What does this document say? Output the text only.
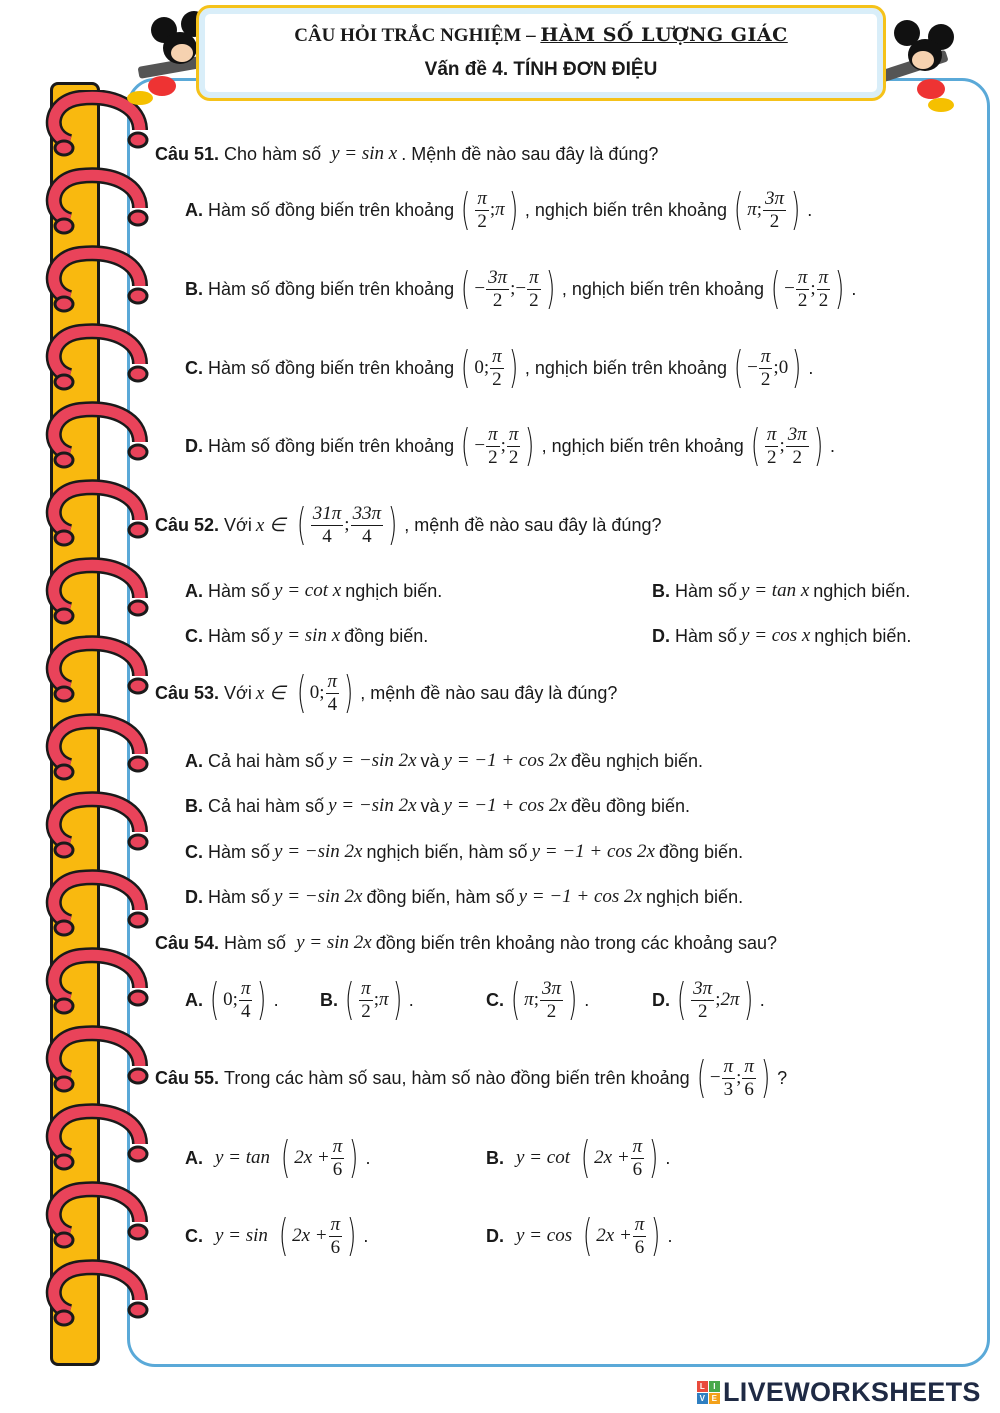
CÂU HỎI TRẮC NGHIỆM – HÀM SỐ LƯỢNG GIÁC
Vấn đề 4. TÍNH ĐƠN ĐIỆU
Câu 51.
Cho hàm số y = sin x . Mệnh đề nào sau đây là đúng?
A.
Hàm số đồng biến trên khoảng ( $\frac{\pi}{2}$ ; π ) , nghịch biến trên khoảng ( π ; $\frac{3\pi}{2}$ ) .
B.
Hàm số đồng biến trên khoảng ( − $\frac{3\pi}{2}$ ; − $\frac{\pi}{2}$ ) , nghịch biến trên khoảng ( − $\frac{\pi}{2}$ ; $\frac{\pi}{2}$ ) .
C.
Hàm số đồng biến trên khoảng ( 0 ; $\frac{\pi}{2}$ ) , nghịch biến trên khoảng ( − $\frac{\pi}{2}$ ; 0 ) .
D.
Hàm số đồng biến trên khoảng ( − $\frac{\pi}{2}$ ; $\frac{\pi}{2}$ ) , nghịch biến trên khoảng ( $\frac{\pi}{2}$ ; $\frac{3\pi}{2}$ ) .
Câu 52.
Với x ∈ ( $\frac{31\pi}{4}$ ; $\frac{33\pi}{4}$ ) , mệnh đề nào sau đây là đúng?
A.
Hàm số y = cot x nghịch biến.	B.
Hàm số y = tan x nghịch biến.
C.
Hàm số y = sin x đồng biến.	D.
Hàm số y = cos x nghịch biến.
Câu 53.
Với x ∈ ( 0 ; $\frac{\pi}{4}$ ) , mệnh đề nào sau đây là đúng?
A.
Cả hai hàm số y = −sin 2x và y = −1 + cos 2x đều nghịch biến.
B.
Cả hai hàm số y = −sin 2x và y = −1 + cos 2x đều đồng biến.
C.
Hàm số y = −sin 2x nghịch biến, hàm số y = −1 + cos 2x đồng biến.
D.
Hàm số y = −sin 2x đồng biến, hàm số y = −1 + cos 2x nghịch biến.
Câu 54.
Hàm số y = sin 2x đồng biến trên khoảng nào trong các khoảng sau?
A. ( 0 ; $\frac{\pi}{4}$ ) . B. ( $\frac{\pi}{2}$ ; π ) .	C. ( π ; $\frac{3\pi}{2}$ ) .	D. ( $\frac{3\pi}{2}$ ; 2π ) .
Câu 55.
Trong các hàm số sau, hàm số nào đồng biến trên khoảng ( − $\frac{\pi}{3}$ ; $\frac{\pi}{6}$ ) ?
A. y = tan ( $2x + \frac{\pi}{6}$ ) .	B. y = cot ( $2x + \frac{\pi}{6}$ ) .
C. y = sin ( $2x + \frac{\pi}{6}$ ) .	D. y = cos ( $2x + \frac{\pi}{6}$ ) .
L	I
V E LIVEWORKSHEETS
